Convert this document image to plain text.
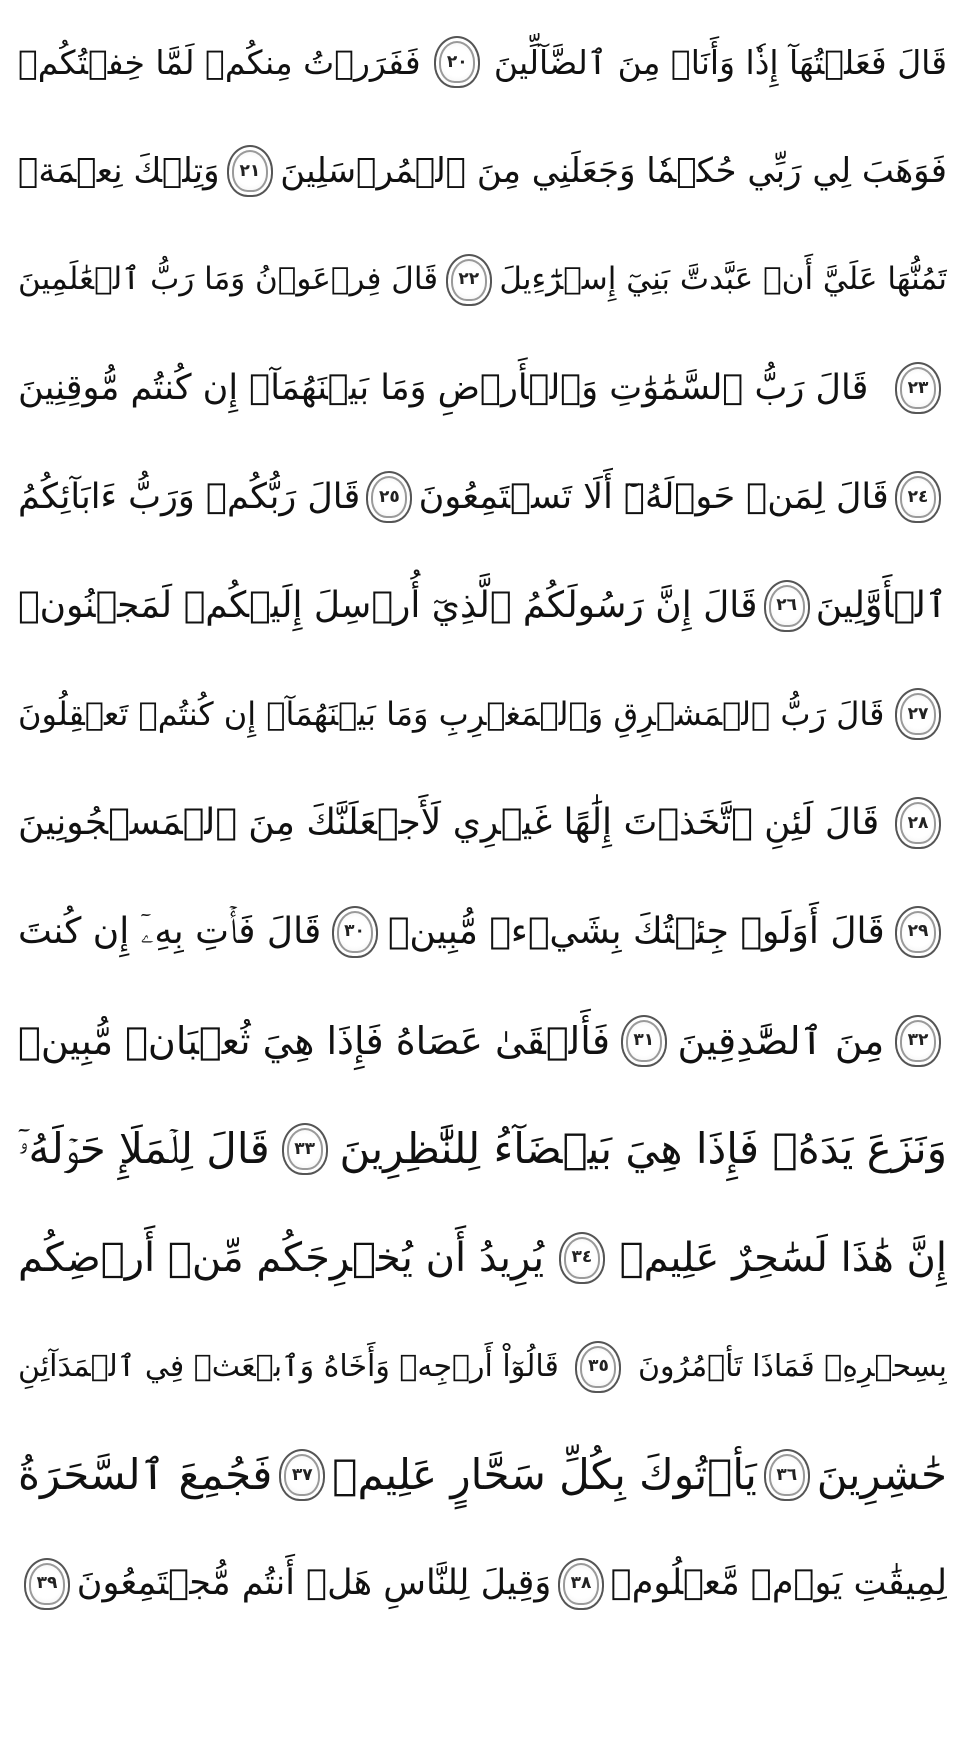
قَالَ فَعَلۡتُهَآ إِذٗا وَأَنَا۠ مِنَ ٱلضَّآلِّينَ
٢٠
فَفَرَرۡتُ مِنكُمۡ لَمَّا خِفۡتُكُمۡ
فَوَهَبَ لِي رَبِّي حُكۡمٗا وَجَعَلَنِي مِنَ ٱلۡمُرۡسَلِينَ
٢١
وَتِلۡكَ نِعۡمَةٞ
تَمُنُّهَا عَلَيَّ أَنۡ عَبَّدتَّ بَنِيٓ إِسۡرَٰٓءِيلَ
٢٢
قَالَ فِرۡعَوۡنُ وَمَا رَبُّ ٱلۡعَٰلَمِينَ
٢٣
قَالَ رَبُّ ٱلسَّمَٰوَٰتِ وَٱلۡأَرۡضِ وَمَا بَيۡنَهُمَآۖ إِن كُنتُم مُّوقِنِينَ
٢٤
قَالَ لِمَنۡ حَوۡلَهُۥٓ أَلَا تَسۡتَمِعُونَ
٢٥
قَالَ رَبُّكُمۡ وَرَبُّ ءَابَآئِكُمُ
ٱلۡأَوَّلِينَ
٢٦
قَالَ إِنَّ رَسُولَكُمُ ٱلَّذِيٓ أُرۡسِلَ إِلَيۡكُمۡ لَمَجۡنُونٞ
٢٧
قَالَ رَبُّ ٱلۡمَشۡرِقِ وَٱلۡمَغۡرِبِ وَمَا بَيۡنَهُمَآۖ إِن كُنتُمۡ تَعۡقِلُونَ
٢٨
قَالَ لَئِنِ ٱتَّخَذۡتَ إِلَٰهًا غَيۡرِي لَأَجۡعَلَنَّكَ مِنَ ٱلۡمَسۡجُونِينَ
٢٩
قَالَ أَوَلَوۡ جِئۡتُكَ بِشَيۡءٖ مُّبِينٖ
٣٠
قَالَ فَأۡتِ بِهِۦٓ إِن كُنتَ
٣٢
مِنَ ٱلصَّٰدِقِينَ
٣١
فَأَلۡقَىٰ عَصَاهُ فَإِذَا هِيَ ثُعۡبَانٞ مُّبِينٞ
وَنَزَعَ يَدَهُۥ فَإِذَا هِيَ بَيۡضَآءُ لِلنَّٰظِرِينَ
٣٣
قَالَ لِلۡمَلَإِ حَوۡلَهُۥٓ
إِنَّ هَٰذَا لَسَٰحِرٌ عَلِيمٞ
٣٤
يُرِيدُ أَن يُخۡرِجَكُم مِّنۡ أَرۡضِكُم
بِسِحۡرِهِۦ فَمَاذَا تَأۡمُرُونَ
٣٥
قَالُوٓاْ أَرۡجِهۡ وَأَخَاهُ وَٱبۡعَثۡ فِي ٱلۡمَدَآئِنِ
حَٰشِرِينَ
٣٦
يَأۡتُوكَ بِكُلِّ سَحَّارٍ عَلِيمٖ
٣٧
فَجُمِعَ ٱلسَّحَرَةُ
لِمِيقَٰتِ يَوۡمٖ مَّعۡلُومٖ
٣٨
وَقِيلَ لِلنَّاسِ هَلۡ أَنتُم مُّجۡتَمِعُونَ
٣٩
